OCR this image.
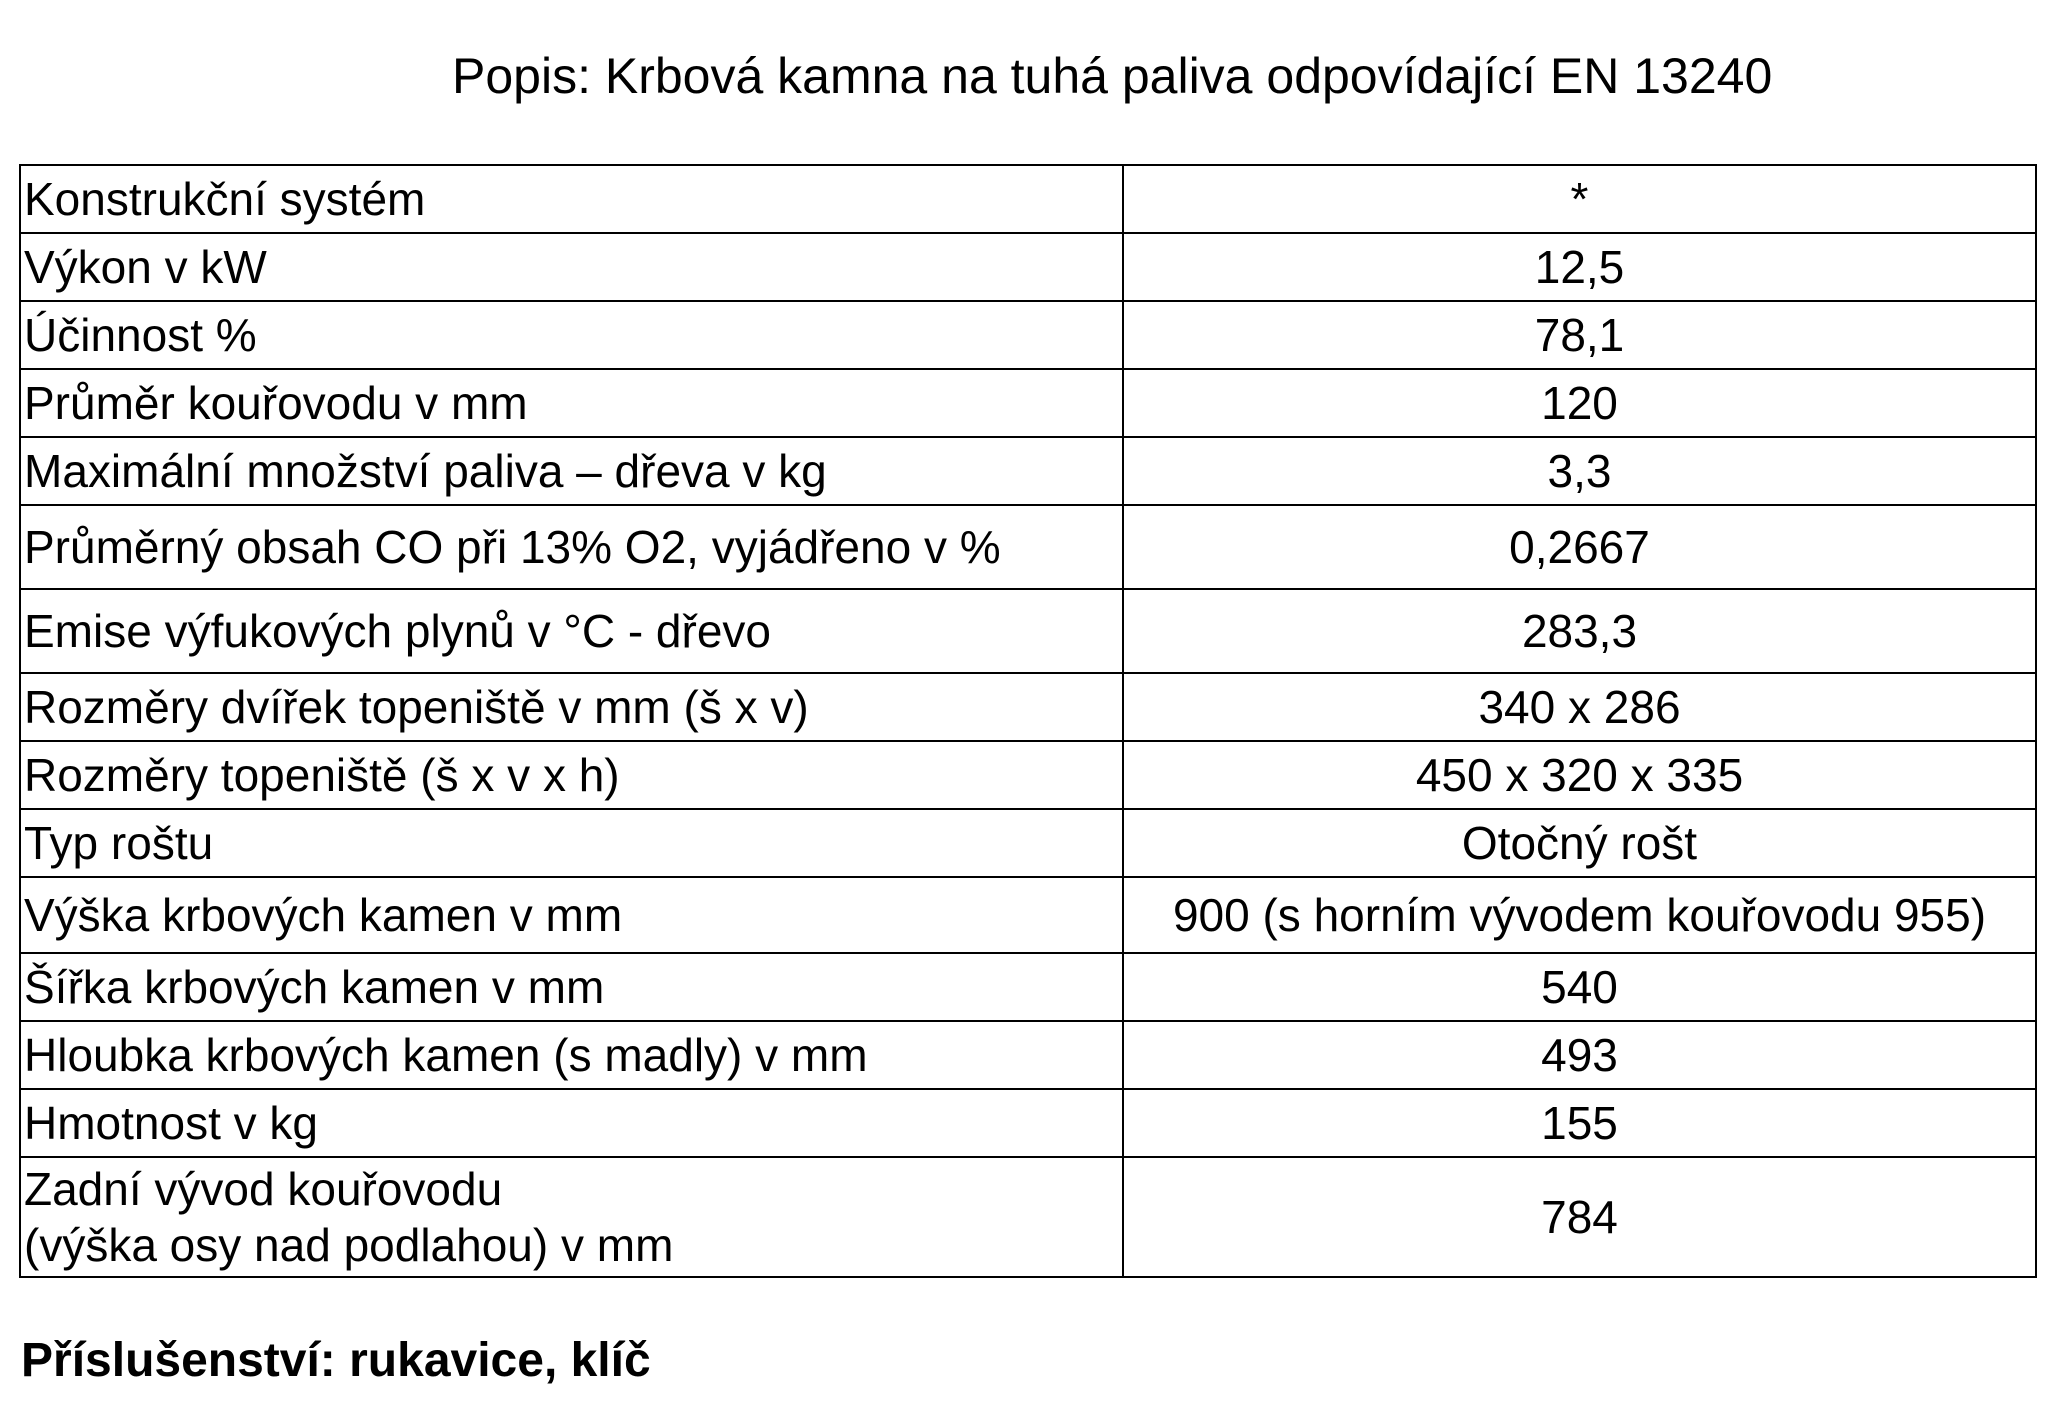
Popis: Krbová kamna na tuhá paliva odpovídající EN 13240
Konstrukční systém	*
Výkon v kW	12,5
Účinnost %	78,1
Průměr kouřovodu v mm	120
Maximální množství paliva – dřeva v kg	3,3
Průměrný obsah CO při 13% O2, vyjádřeno v %	0,2667
Emise výfukových plynů v °C - dřevo	283,3
Rozměry dvířek topeniště v mm (š x v)	340 x 286
Rozměry topeniště (š x v x h)	450 x 320 x 335
Typ roštu	Otočný rošt
Výška krbových kamen v mm	900 (s horním vývodem kouřovodu 955)
Šířka krbových kamen v mm	540
Hloubka krbových kamen (s madly) v mm	493
Hmotnost v kg	155

Zadní vývod kouřovodu
(výška osy nad podlahou) v mm	784
Příslušenství: rukavice, klíč
